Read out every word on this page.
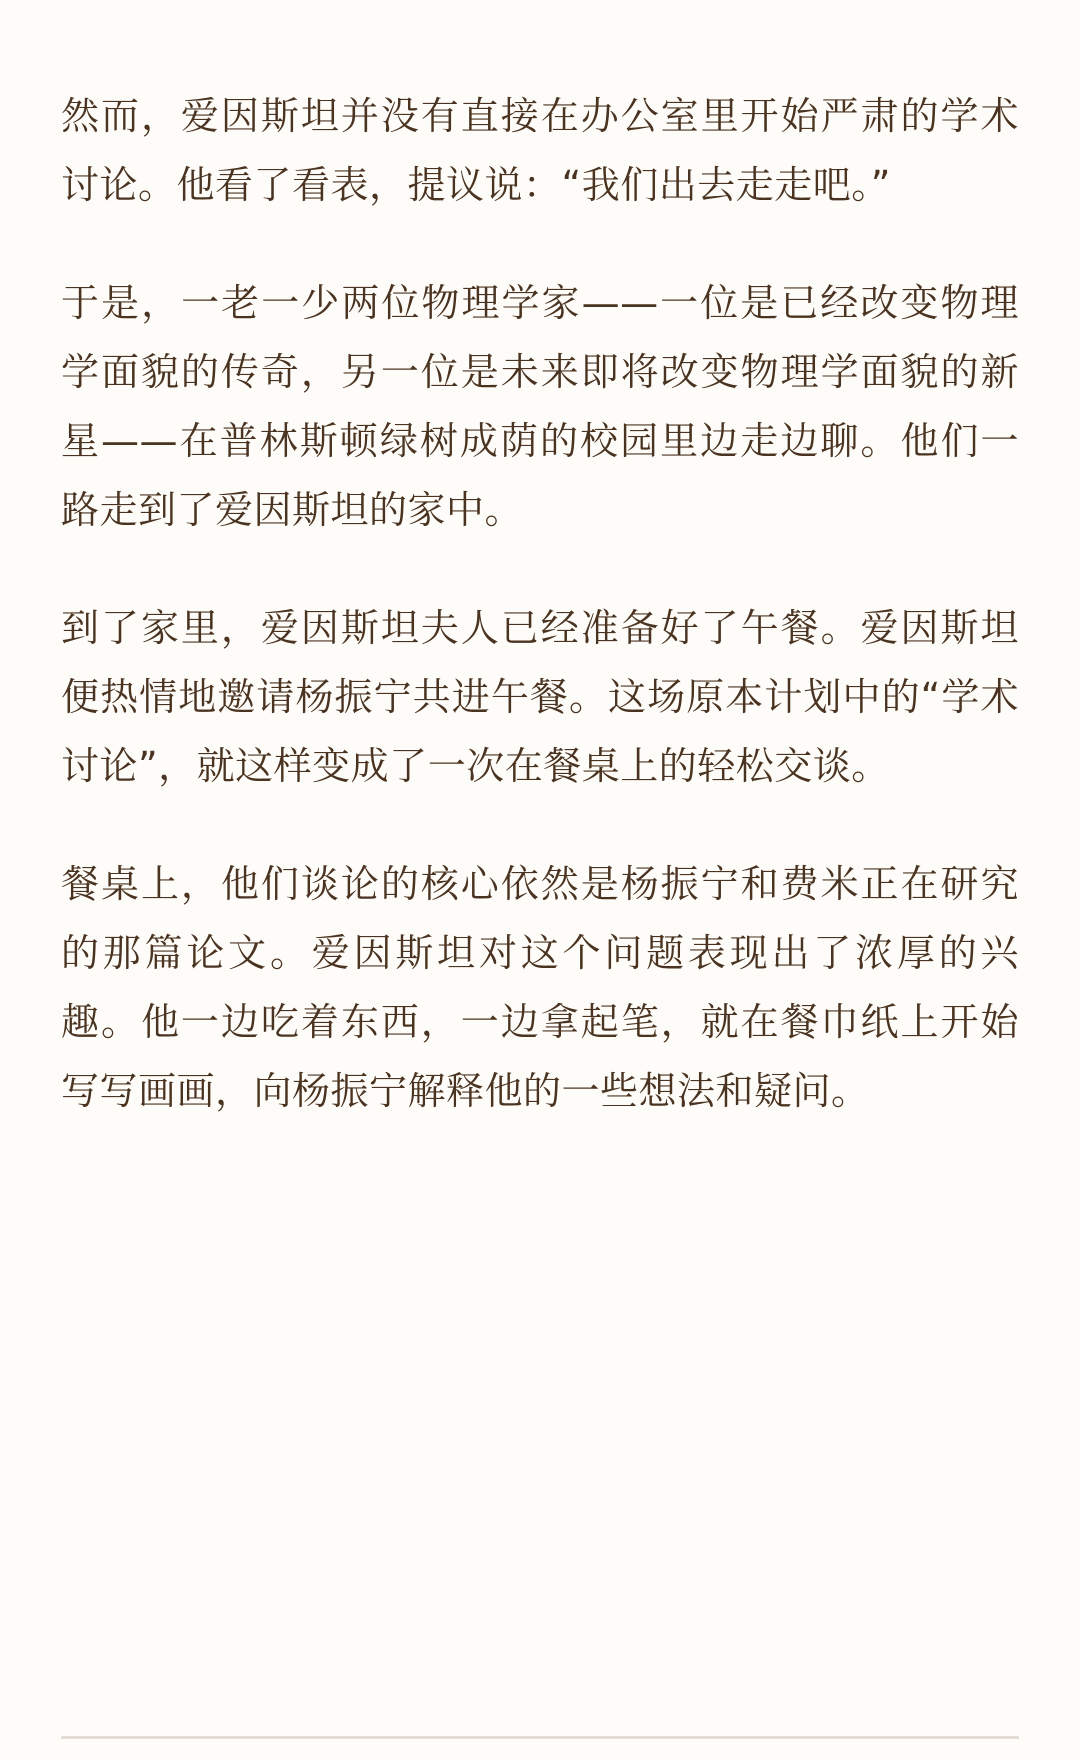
然而，爱因斯坦并没有直接在办公室里开始严肃的学术讨论。他看了看表，提议说：“我们出去走走吧。”

于是，一老一少两位物理学家——一位是已经改变物理学面貌的传奇，另一位是未来即将改变物理学面貌的新星——在普林斯顿绿树成荫的校园里边走边聊。他们一路走到了爱因斯坦的家中。

到了家里，爱因斯坦夫人已经准备好了午餐。爱因斯坦便热情地邀请杨振宁共进午餐。这场原本计划中的“学术讨论”，就这样变成了一次在餐桌上的轻松交谈。

餐桌上，他们谈论的核心依然是杨振宁和费米正在研究的那篇论文。爱因斯坦对这个问题表现出了浓厚的兴趣。他一边吃着东西，一边拿起笔，就在餐巾纸上开始写写画画，向杨振宁解释他的一些想法和疑问。
